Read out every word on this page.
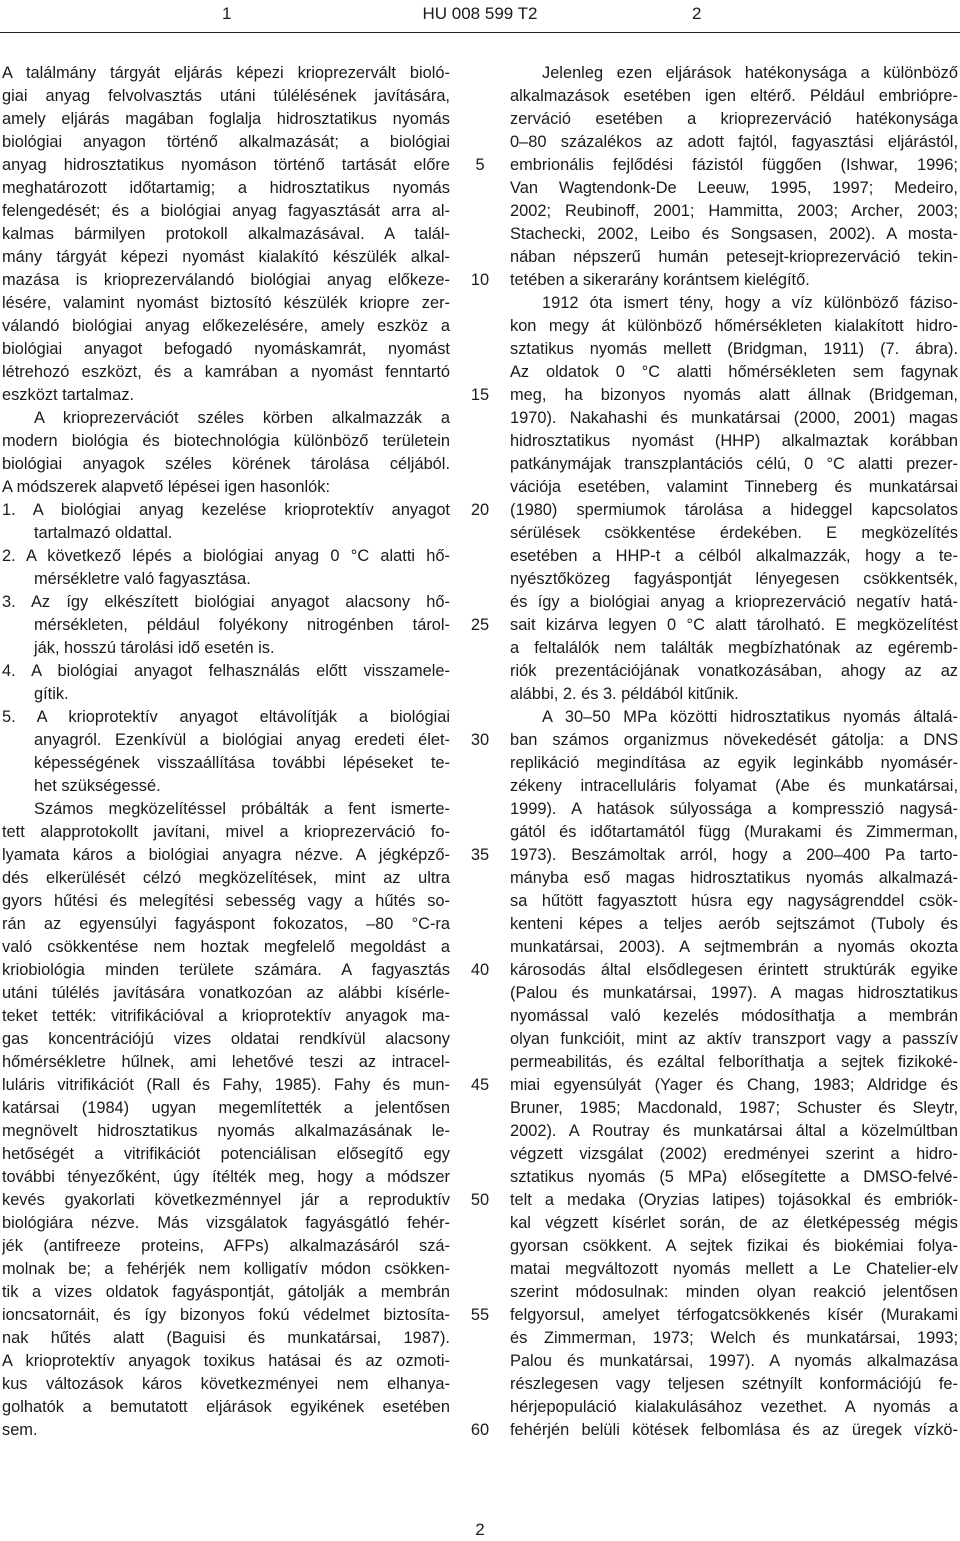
1	HU 008 599 T2	2
A találmány tárgyát eljárás képezi krioprezervált bioló-
giai anyag felvolvasztás utáni túlélésének javítására,
amely eljárás magában foglalja hidrosztatikus nyomás
biológiai anyagon történő alkalmazását; a biológiai
anyag hidrosztatikus nyomáson történő tartását előre
meghatározott időtartamig; a hidrosztatikus nyomás
felengedését; és a biológiai anyag fagyasztását arra al-
kalmas bármilyen protokoll alkalmazásával. A talál-
mány tárgyát képezi nyomást kialakító készülék alkal-
mazása is krioprezerválandó biológiai anyag előkeze-
lésére, valamint nyomást biztosító készülék kriopre zer-
válandó biológiai anyag előkezelésére, amely eszköz a
biológiai anyagot befogadó nyomáskamrát, nyomást
létrehozó eszközt, és a kamrában a nyomást fenntartó
eszközt tartalmaz.
A krioprezervációt széles körben alkalmazzák a
modern biológia és biotechnológia különböző területein
biológiai anyagok széles körének tárolása céljából.
A módszerek alapvető lépései igen hasonlók:
1. A biológiai anyag kezelése krioprotektív anyagot
tartalmazó oldattal.
2. A következő lépés a biológiai anyag 0 °C alatti hő-
mérsékletre való fagyasztása.
3. Az így elkészített biológiai anyagot alacsony hő-
mérsékleten, például folyékony nitrogénben tárol-
ják, hosszú tárolási idő esetén is.
4. A biológiai anyagot felhasználás előtt visszamele-
gítik.
5. A krioprotektív anyagot eltávolítják a biológiai
anyagról. Ezenkívül a biológiai anyag eredeti élet-
képességének visszaállítása további lépéseket te-
het szükségessé.
Számos megközelítéssel próbálták a fent ismerte-
tett alapprotokollt javítani, mivel a krioprezerváció fo-
lyamata káros a biológiai anyagra nézve. A jégképző-
dés elkerülését célzó megközelítések, mint az ultra
gyors hűtési és melegítési sebesség vagy a hűtés so-
rán az egyensúlyi fagyáspont fokozatos, –80 °C-ra
való csökkentése nem hoztak megfelelő megoldást a
kriobiológia minden területe számára. A fagyasztás
utáni túlélés javítására vonatkozóan az alábbi kísérle-
teket tették: vitrifikációval a krioprotektív anyagok ma-
gas koncentrációjú vizes oldatai rendkívül alacsony
hőmérsékletre hűlnek, ami lehetővé teszi az intracel-
luláris vitrifikációt (Rall és Fahy, 1985). Fahy és mun-
katársai (1984) ugyan megemlítették a jelentősen
megnövelt hidrosztatikus nyomás alkalmazásának le-
hetőségét a vitrifikációt potenciálisan elősegítő egy
további tényezőként, úgy ítélték meg, hogy a módszer
kevés gyakorlati következménnyel jár a reproduktív
biológiára nézve. Más vizsgálatok fagyásgátló fehér-
jék (antifreeze proteins, AFPs) alkalmazásáról szá-
molnak be; a fehérjék nem kolligatív módon csökken-
tik a vizes oldatok fagyáspontját, gátolják a membrán
ioncsatornáit, és így bizonyos fokú védelmet biztosíta-
nak hűtés alatt (Baguisi és munkatársai, 1987).
A krioprotektív anyagok toxikus hatásai és az ozmoti-
kus változások káros következményei nem elhanya-
golhatók a bemutatott eljárások egyikének esetében
sem.
5
10
15
20
25
30
35
40
45
50
55
60
Jelenleg ezen eljárások hatékonysága a különböző
alkalmazások esetében igen eltérő. Például embriópre-
zerváció esetében a krioprezerváció hatékonysága
0–80 százalékos az adott fajtól, fagyasztási eljárástól,
embrionális fejlődési fázistól függően (Ishwar, 1996;
Van Wagtendonk-De Leeuw, 1995, 1997; Medeiro,
2002; Reubinoff, 2001; Hammitta, 2003; Archer, 2003;
Stachecki, 2002, Leibo és Songsasen, 2002). A mosta-
nában népszerű humán petesejt-krioprezerváció tekin-
tetében a sikerarány korántsem kielégítő.
1912 óta ismert tény, hogy a víz különböző fáziso-
kon megy át különböző hőmérsékleten kialakított hidro-
sztatikus nyomás mellett (Bridgman, 1911) (7. ábra).
Az oldatok 0 °C alatti hőmérsékleten sem fagynak
meg, ha bizonyos nyomás alatt állnak (Bridgeman,
1970). Nakahashi és munkatársai (2000, 2001) magas
hidrosztatikus nyomást (HHP) alkalmaztak korábban
patkánymájak transzplantációs célú, 0 °C alatti prezer-
vációja esetében, valamint Tinneberg és munkatársai
(1980) spermiumok tárolása a hideggel kapcsolatos
sérülések csökkentése érdekében. E megközelítés
esetében a HHP-t a célból alkalmazzák, hogy a te-
nyésztőközeg fagyáspontját lényegesen csökkentsék,
és így a biológiai anyag a krioprezerváció negatív hatá-
sait kizárva legyen 0 °C alatt tárolható. E megközelítést
a feltalálók nem találták megbízhatónak az egéremb-
riók prezentációjának vonatkozásában, ahogy az az
alábbi, 2. és 3. példából kitűnik.
A 30–50 MPa közötti hidrosztatikus nyomás általá-
ban számos organizmus növekedését gátolja: a DNS
replikáció megindítása az egyik leginkább nyomásér-
zékeny intracelluláris folyamat (Abe és munkatársai,
1999). A hatások súlyossága a kompresszió nagysá-
gától és időtartamától függ (Murakami és Zimmerman,
1973). Beszámoltak arról, hogy a 200–400 Pa tarto-
mányba eső magas hidrosztatikus nyomás alkalmazá-
sa hűtött fagyasztott húsra egy nagyságrenddel csök-
kenteni képes a teljes aerób sejtszámot (Tuboly és
munkatársai, 2003). A sejtmembrán a nyomás okozta
károsodás által elsődlegesen érintett struktúrák egyike
(Palou és munkatársai, 1997). A magas hidrosztatikus
nyomással való kezelés módosíthatja a membrán
olyan funkcióit, mint az aktív transzport vagy a passzív
permeabilitás, és ezáltal felboríthatja a sejtek fizikoké-
miai egyensúlyát (Yager és Chang, 1983; Aldridge és
Bruner, 1985; Macdonald, 1987; Schuster és Sleytr,
2002). A Routray és munkatársai által a közelmúltban
végzett vizsgálat (2002) eredményei szerint a hidro-
sztatikus nyomás (5 MPa) elősegítette a DMSO-felvé-
telt a medaka (Oryzias latipes) tojásokkal és embriók-
kal végzett kísérlet során, de az életképesség mégis
gyorsan csökkent. A sejtek fizikai és biokémiai folya-
matai megváltozott nyomás mellett a Le Chatelier-elv
szerint módosulnak: minden olyan reakció jelentősen
felgyorsul, amelyet térfogatcsökkenés kísér (Murakami
és Zimmerman, 1973; Welch és munkatársai, 1993;
Palou és munkatársai, 1997). A nyomás alkalmazása
részlegesen vagy teljesen szétnyílt konformációjú fe-
hérjepopuláció kialakulásához vezethet. A nyomás a
fehérjén belüli kötések felbomlása és az üregek vízkö-
2
